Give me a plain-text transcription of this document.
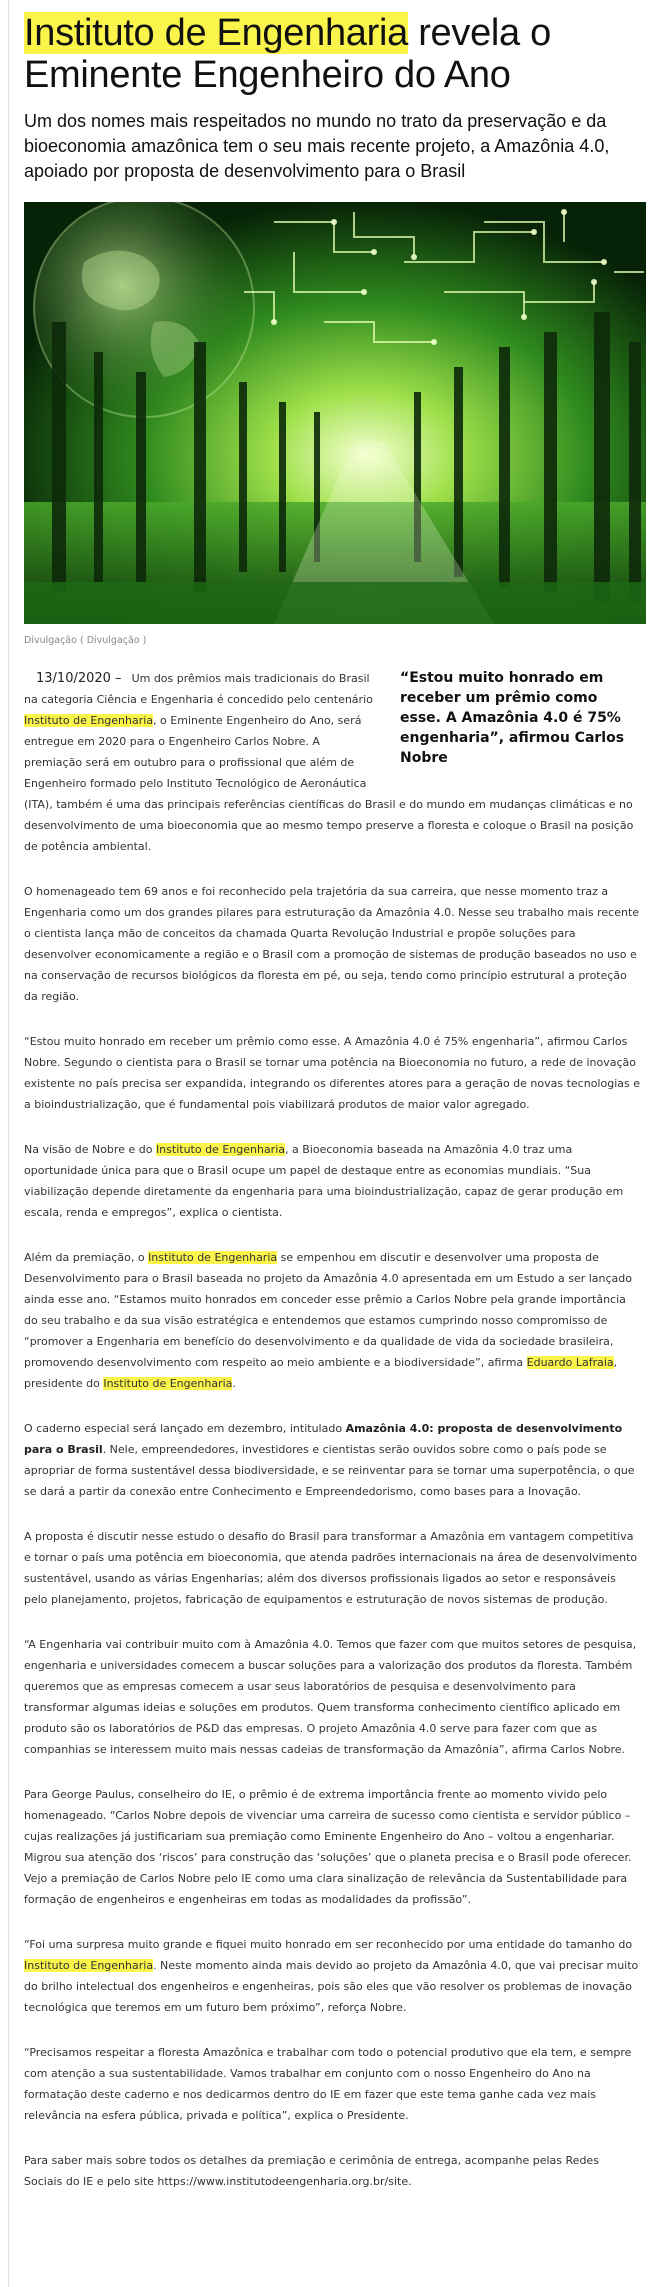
Instituto de Engenharia revela o Eminente Engenheiro do Ano
Um dos nomes mais respeitados no mundo no trato da preservação e da bioeconomia amazônica tem o seu mais recente projeto, a Amazônia 4.0, apoiado por proposta de desenvolvimento para o Brasil
Divulgação ( Divulgação )
“Estou muito honrado em receber um prêmio como esse. A Amazônia 4.0 é 75% engenharia”, afirmou Carlos Nobre

13/10/2020 – Um dos prêmios mais tradicionais do Brasil na categoria Ciência e Engenharia é concedido pelo centenário Instituto de Engenharia, o Eminente Engenheiro do Ano, será entregue em 2020 para o Engenheiro Carlos Nobre. A premiação será em outubro para o profissional que além de Engenheiro formado pelo Instituto Tecnológico de Aeronáutica (ITA), também é uma das principais referências científicas do Brasil e do mundo em mudanças climáticas e no desenvolvimento de uma bioeconomia que ao mesmo tempo preserve a floresta e coloque o Brasil na posição de potência ambiental.

O homenageado tem 69 anos e foi reconhecido pela trajetória da sua carreira, que nesse momento traz a Engenharia como um dos grandes pilares para estruturação da Amazônia 4.0. Nesse seu trabalho mais recente o cientista lança mão de conceitos da chamada Quarta Revolução Industrial e propõe soluções para desenvolver economicamente a região e o Brasil com a promoção de sistemas de produção baseados no uso e na conservação de recursos biológicos da floresta em pé, ou seja, tendo como princípio estrutural a proteção da região.

“Estou muito honrado em receber um prêmio como esse. A Amazônia 4.0 é 75% engenharia”, afirmou Carlos Nobre. Segundo o cientista para o Brasil se tornar uma potência na Bioeconomia no futuro, a rede de inovação existente no país precisa ser expandida, integrando os diferentes atores para a geração de novas tecnologias e a bioindustrialização, que é fundamental pois viabilizará produtos de maior valor agregado.

Na visão de Nobre e do Instituto de Engenharia, a Bioeconomia baseada na Amazônia 4.0 traz uma oportunidade única para que o Brasil ocupe um papel de destaque entre as economias mundiais. “Sua viabilização depende diretamente da engenharia para uma bioindustrialização, capaz de gerar produção em escala, renda e empregos”, explica o cientista.

Além da premiação, o Instituto de Engenharia se empenhou em discutir e desenvolver uma proposta de Desenvolvimento para o Brasil baseada no projeto da Amazônia 4.0 apresentada em um Estudo a ser lançado ainda esse ano. “Estamos muito honrados em conceder esse prêmio a Carlos Nobre pela grande importância do seu trabalho e da sua visão estratégica e entendemos que estamos cumprindo nosso compromisso de “promover a Engenharia em benefício do desenvolvimento e da qualidade de vida da sociedade brasileira, promovendo desenvolvimento com respeito ao meio ambiente e a biodiversidade”, afirma Eduardo Lafraia, presidente do Instituto de Engenharia.

O caderno especial será lançado em dezembro, intitulado Amazônia 4.0: proposta de desenvolvimento para o Brasil. Nele, empreendedores, investidores e cientistas serão ouvidos sobre como o país pode se apropriar de forma sustentável dessa biodiversidade, e se reinventar para se tornar uma superpotência, o que se dará a partir da conexão entre Conhecimento e Empreendedorismo, como bases para a Inovação.

A proposta é discutir nesse estudo o desafio do Brasil para transformar a Amazônia em vantagem competitiva e tornar o país uma potência em bioeconomia, que atenda padrões internacionais na área de desenvolvimento sustentável, usando as várias Engenharias; além dos diversos profissionais ligados ao setor e responsáveis pelo planejamento, projetos, fabricação de equipamentos e estruturação de novos sistemas de produção.

“A Engenharia vai contribuir muito com à Amazônia 4.0. Temos que fazer com que muitos setores de pesquisa, engenharia e universidades comecem a buscar soluções para a valorização dos produtos da floresta. Também queremos que as empresas comecem a usar seus laboratórios de pesquisa e desenvolvimento para transformar algumas ideias e soluções em produtos. Quem transforma conhecimento científico aplicado em produto são os laboratórios de P&D das empresas. O projeto Amazônia 4.0 serve para fazer com que as companhias se interessem muito mais nessas cadeias de transformação da Amazônia”, afirma Carlos Nobre.

Para George Paulus, conselheiro do IE, o prêmio é de extrema importância frente ao momento vivido pelo homenageado. “Carlos Nobre depois de vivenciar uma carreira de sucesso como cientista e servidor público – cujas realizações já justificariam sua premiação como Eminente Engenheiro do Ano – voltou a engenhariar. Migrou sua atenção dos ‘riscos’ para construção das ‘soluções’ que o planeta precisa e o Brasil pode oferecer. Vejo a premiação de Carlos Nobre pelo IE como uma clara sinalização de relevância da Sustentabilidade para formação de engenheiros e engenheiras em todas as modalidades da profissão”.

“Foi uma surpresa muito grande e fiquei muito honrado em ser reconhecido por uma entidade do tamanho do Instituto de Engenharia. Neste momento ainda mais devido ao projeto da Amazônia 4.0, que vai precisar muito do brilho intelectual dos engenheiros e engenheiras, pois são eles que vão resolver os problemas de inovação tecnológica que teremos em um futuro bem próximo”, reforça Nobre.

“Precisamos respeitar a floresta Amazônica e trabalhar com todo o potencial produtivo que ela tem, e sempre com atenção a sua sustentabilidade. Vamos trabalhar em conjunto com o nosso Engenheiro do Ano na formatação deste caderno e nos dedicarmos dentro do IE em fazer que este tema ganhe cada vez mais relevância na esfera pública, privada e política”, explica o Presidente.

Para saber mais sobre todos os detalhes da premiação e cerimônia de entrega, acompanhe pelas Redes Sociais do IE e pelo site https://www.institutodeengenharia.org.br/site.
